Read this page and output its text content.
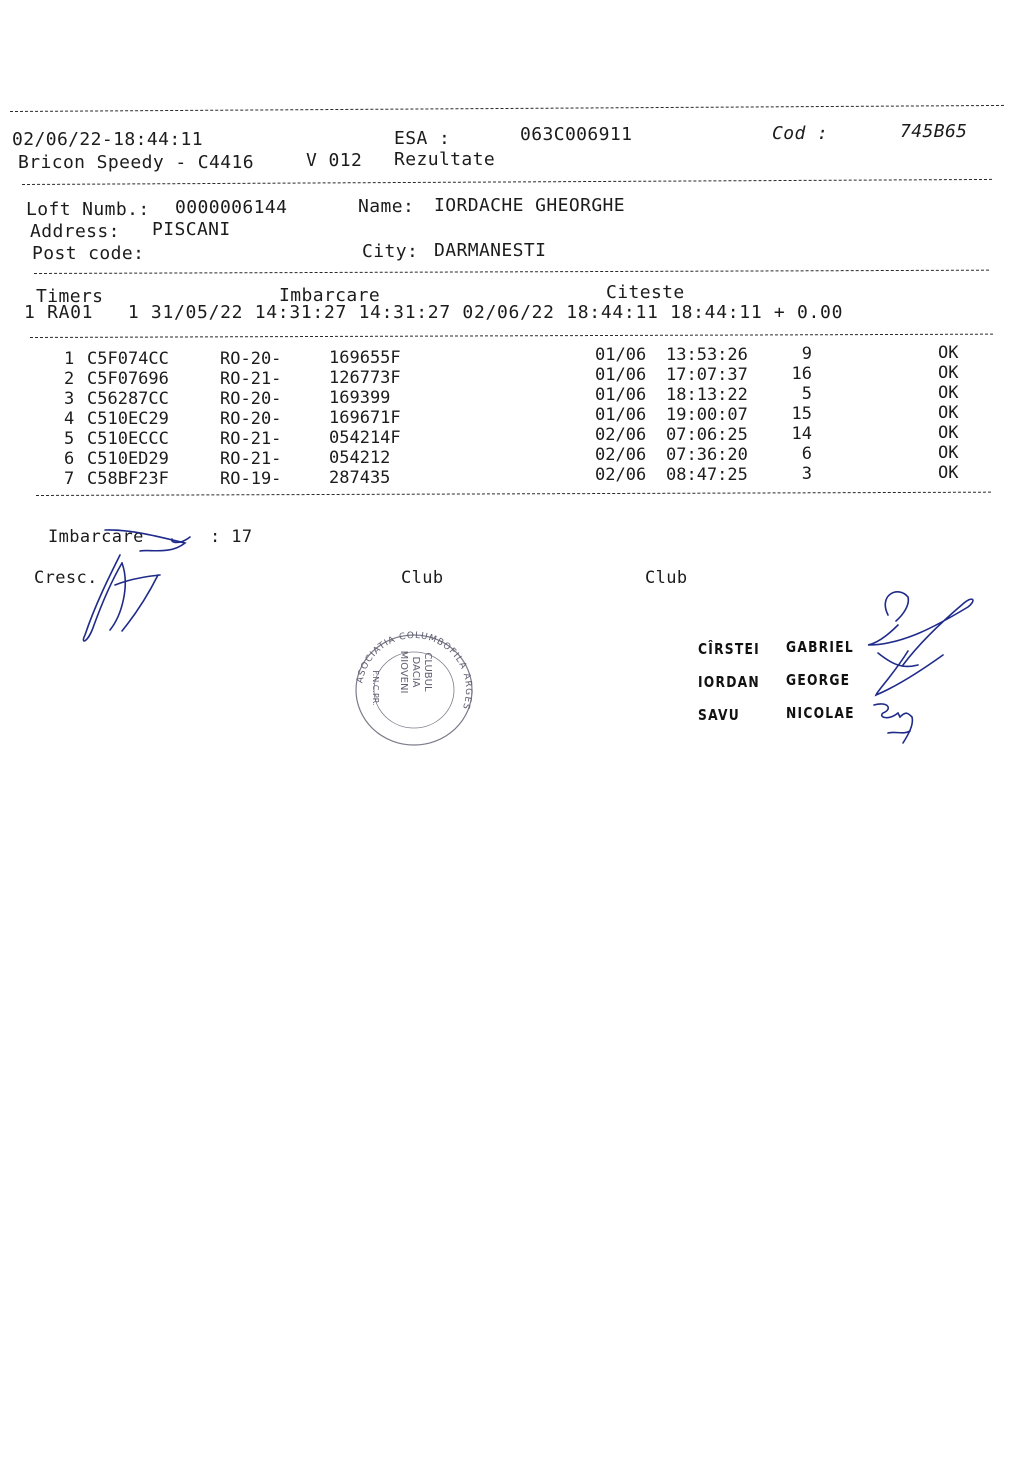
02/06/22-18:44:11	ESA :	063C006911	Cod :	745B65
Bricon Speedy - C4416	V 012 Rezultate
Loft Numb.: 0000006144	Name: IORDACHE GHEORGHE
Address: PISCANI
Post code:	City: DARMANESTI
Timers	Imbarcare	Citeste
1 RA01   1 31/05/22 14:31:27 14:31:27 02/06/22 18:44:11 18:44:11 + 0.00
1 C5F074CC	RO-20-	169655F	01/06 13:53:26	9	OK
2 C5F07696	RO-21-	126773F	01/06 17:07:37	16	OK
3 C56287CC	RO-20-	169399	01/06 18:13:22	5	OK
4 C510EC29	RO-20-	169671F	01/06 19:00:07	15	OK
5 C510ECCC	RO-21-	054214F	02/06 07:06:25	14	OK
6 C510ED29	RO-21-	054212	02/06 07:36:20	6	OK
7 C58BF23F	RO-19-	287435	02/06 08:47:25	3	OK
Imbarcare	: 17
Cresc.	Club	Club
ASOCIATIA COLUMBOFILA ARGES
CLUBUL
DACIA
MIOVENI
F.N.C.PR.
CÎRSTEI GABRIEL
IORDAN GEORGE
SAVU	NICOLAE
